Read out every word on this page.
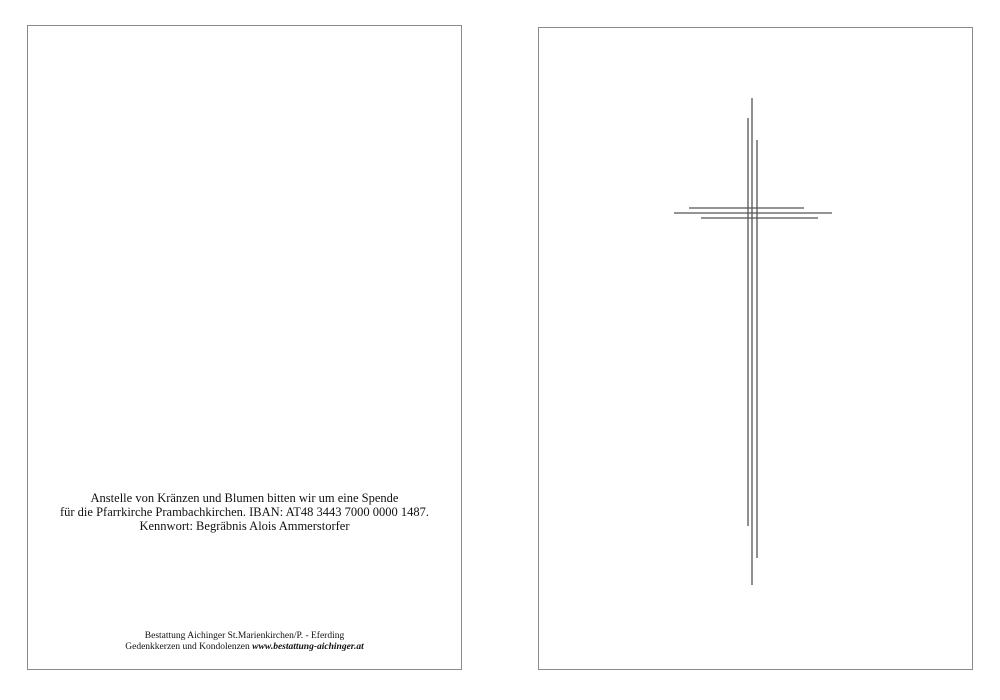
Anstelle von Kränzen und Blumen bitten wir um eine Spende
für die Pfarrkirche Prambachkirchen. IBAN: AT48 3443 7000 0000 1487.
Kennwort: Begräbnis Alois Ammerstorfer
Bestattung Aichinger St.Marienkirchen/P. - Eferding
Gedenkkerzen und Kondolenzen www.bestattung-aichinger.at
